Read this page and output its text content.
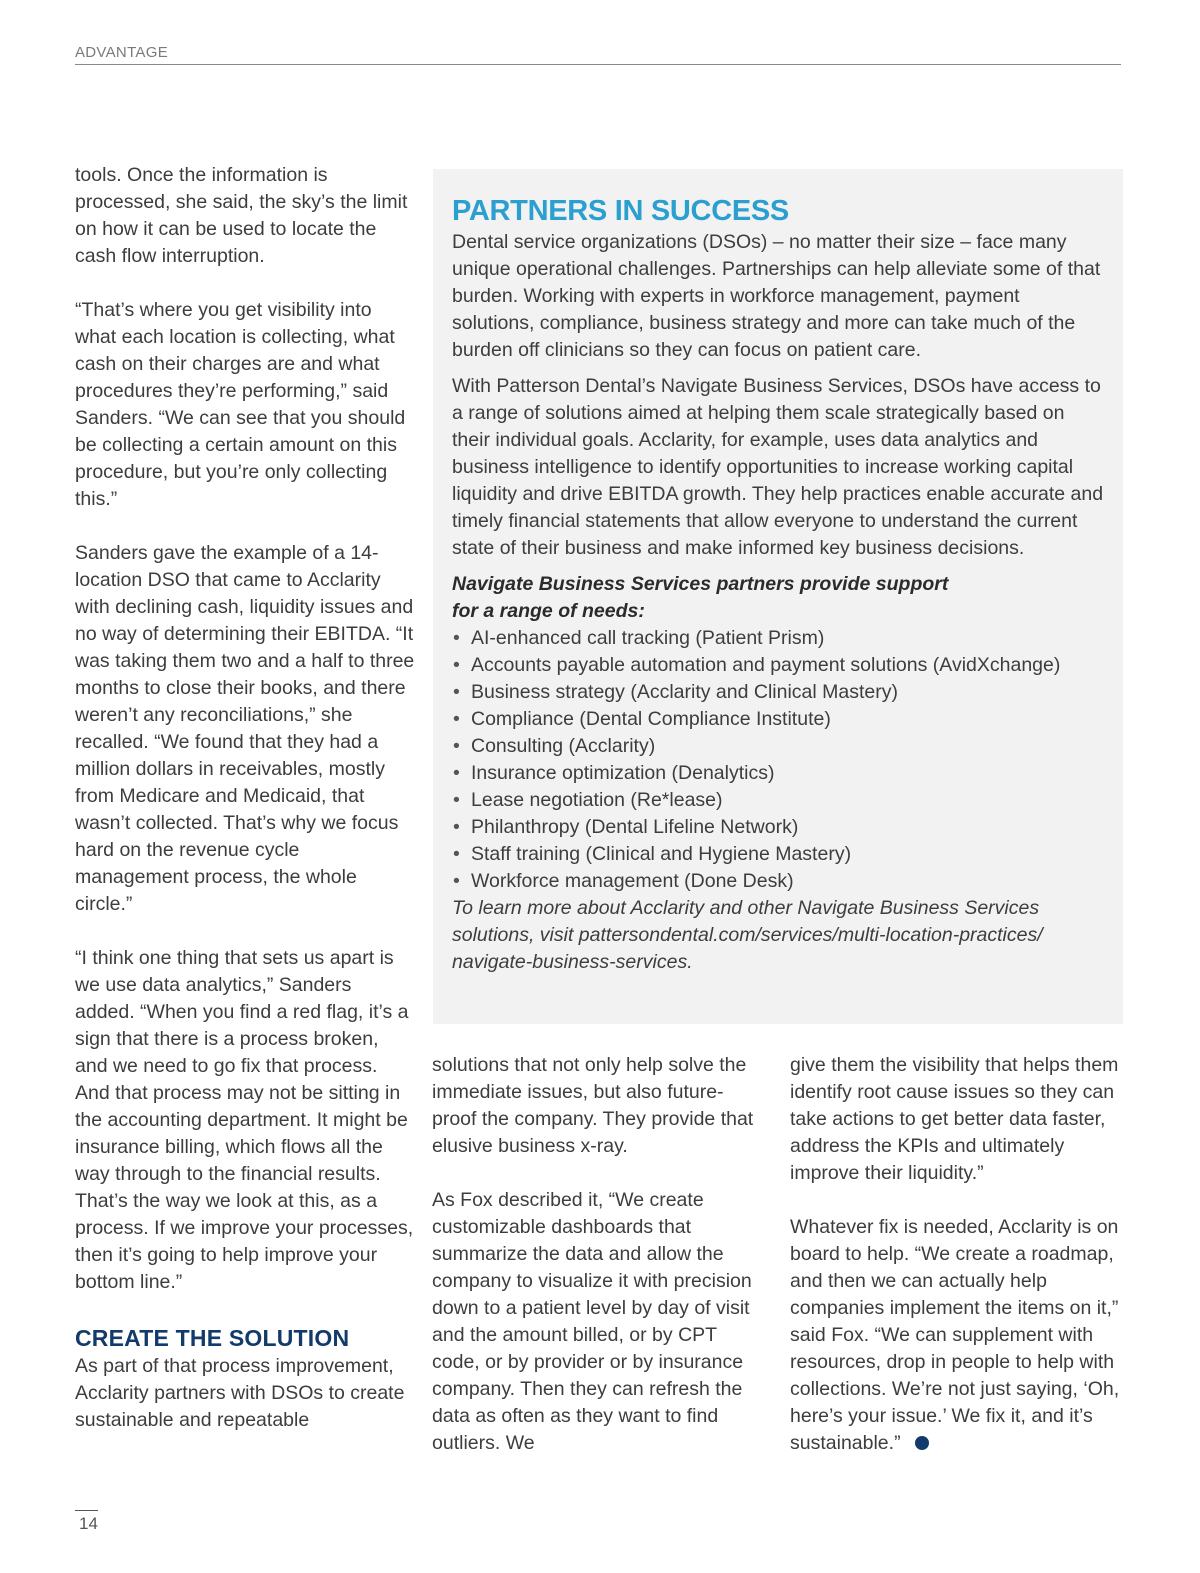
ADVANTAGE

tools. Once the information is processed, she said, the sky’s the limit on how it can be used to locate the cash flow interruption.

“That’s where you get visibility into what each location is collecting, what cash on their charges are and what procedures they’re performing,” said Sanders. “We can see that you should be collecting a certain amount on this procedure, but you’re only collecting this.”

Sanders gave the example of a 14-location DSO that came to Acclarity with declining cash, liquidity issues and no way of determining their EBITDA. “It was taking them two and a half to three months to close their books, and there weren’t any reconciliations,” she recalled. “We found that they had a million dollars in receivables, mostly from Medicare and Medicaid, that wasn’t collected. That’s why we focus hard on the revenue cycle management process, the whole circle.”

“I think one thing that sets us apart is we use data analytics,” Sanders added. “When you find a red flag, it’s a sign that there is a process broken, and we need to go fix that process. And that process may not be sitting in the accounting department. It might be insurance billing, which flows all the way through to the financial results. That’s the way we look at this, as a process. If we improve your processes, then it’s going to help improve your bottom line.”

CREATE THE SOLUTION

As part of that process improvement, Acclarity partners with DSOs to create sustainable and repeatable

PARTNERS IN SUCCESS

Dental service organizations (DSOs) – no matter their size – face many unique operational challenges. Partnerships can help alleviate some of that burden. Working with experts in workforce management, payment solutions, compliance, business strategy and more can take much of the burden off clinicians so they can focus on patient care.

With Patterson Dental’s Navigate Business Services, DSOs have access to a range of solutions aimed at helping them scale strategically based on their individual goals. Acclarity, for example, uses data analytics and business intelligence to identify opportunities to increase working capital liquidity and drive EBITDA growth. They help practices enable accurate and timely financial statements that allow everyone to understand the current state of their business and make informed key business decisions.

Navigate Business Services partners provide support
for a range of needs:
• AI-enhanced call tracking (Patient Prism)
• Accounts payable automation and payment solutions (AvidXchange)
• Business strategy (Acclarity and Clinical Mastery)
• Compliance (Dental Compliance Institute)
• Consulting (Acclarity)
• Insurance optimization (Denalytics)
• Lease negotiation (Re*lease)
• Philanthropy (Dental Lifeline Network)
• Staff training (Clinical and Hygiene Mastery)
• Workforce management (Done Desk)

To learn more about Acclarity and other Navigate Business Services solutions, visit pattersondental.com/services/multi-location-practices/ navigate-business-services.

solutions that not only help solve the immediate issues, but also future-proof the company. They provide that elusive business x-ray.

As Fox described it, “We create customizable dashboards that summarize the data and allow the company to visualize it with precision down to a patient level by day of visit and the amount billed, or by CPT code, or by provider or by insurance company. Then they can refresh the data as often as they want to find outliers. We

give them the visibility that helps them identify root cause issues so they can take actions to get better data faster, address the KPIs and ultimately improve their liquidity.”

Whatever fix is needed, Acclarity is on board to help. “We create a roadmap, and then we can actually help companies implement the items on it,” said Fox. “We can supplement with resources, drop in people to help with collections. We’re not just saying, ‘Oh, here’s your issue.’ We fix it, and it’s sustainable.”

14
